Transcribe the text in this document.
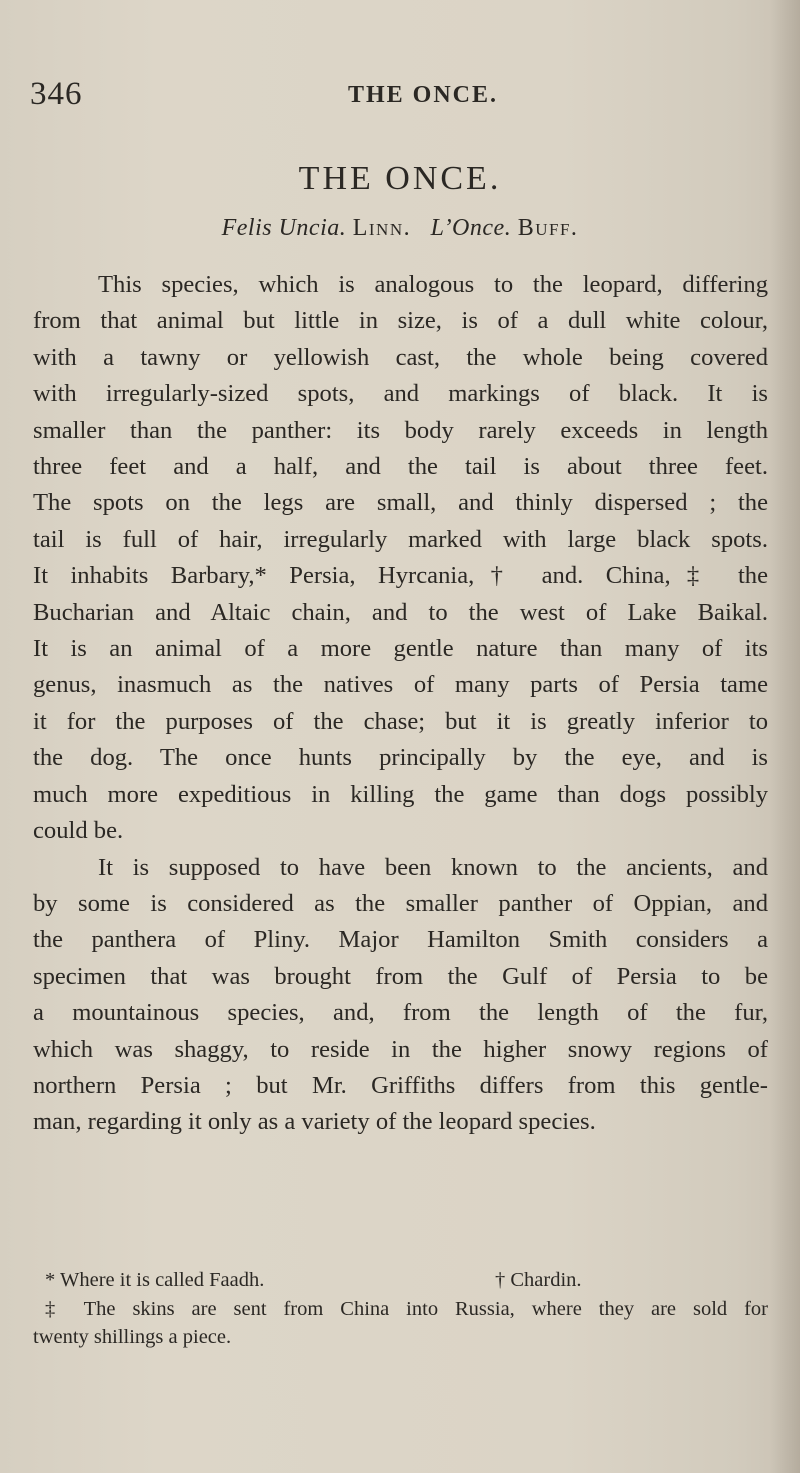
346	THE ONCE.
THE ONCE.
Felis Uncia. Linn. L’Once. Buff.
This species, which is analogous to the leopard, differing
from that animal but little in size, is of a dull white colour,
with a tawny or yellowish cast, the whole being covered
with irregularly-sized spots, and markings of black. It is
smaller than the panther: its body rarely exceeds in length
three feet and a half, and the tail is about three feet.
The spots on the legs are small, and thinly dispersed ; the
tail is full of hair, irregularly marked with large black spots.
It inhabits Barbary,* Persia, Hyrcania,† and. China,‡ the
Bucharian and Altaic chain, and to the west of Lake Baikal.
It is an animal of a more gentle nature than many of its
genus, inasmuch as the natives of many parts of Persia tame
it for the purposes of the chase; but it is greatly inferior to
the dog. The once hunts principally by the eye, and is
much more expeditious in killing the game than dogs possibly
could be.
It is supposed to have been known to the ancients, and
by some is considered as the smaller panther of Oppian, and
the panthera of Pliny. Major Hamilton Smith considers a
specimen that was brought from the Gulf of Persia to be
a mountainous species, and, from the length of the fur,
which was shaggy, to reside in the higher snowy regions of
northern Persia ; but Mr. Griffiths differs from this gentle-
man, regarding it only as a variety of the leopard species.
* Where it is called Faadh.	† Chardin.
‡ The skins are sent from China into Russia, where they are sold for
twenty shillings a piece.
